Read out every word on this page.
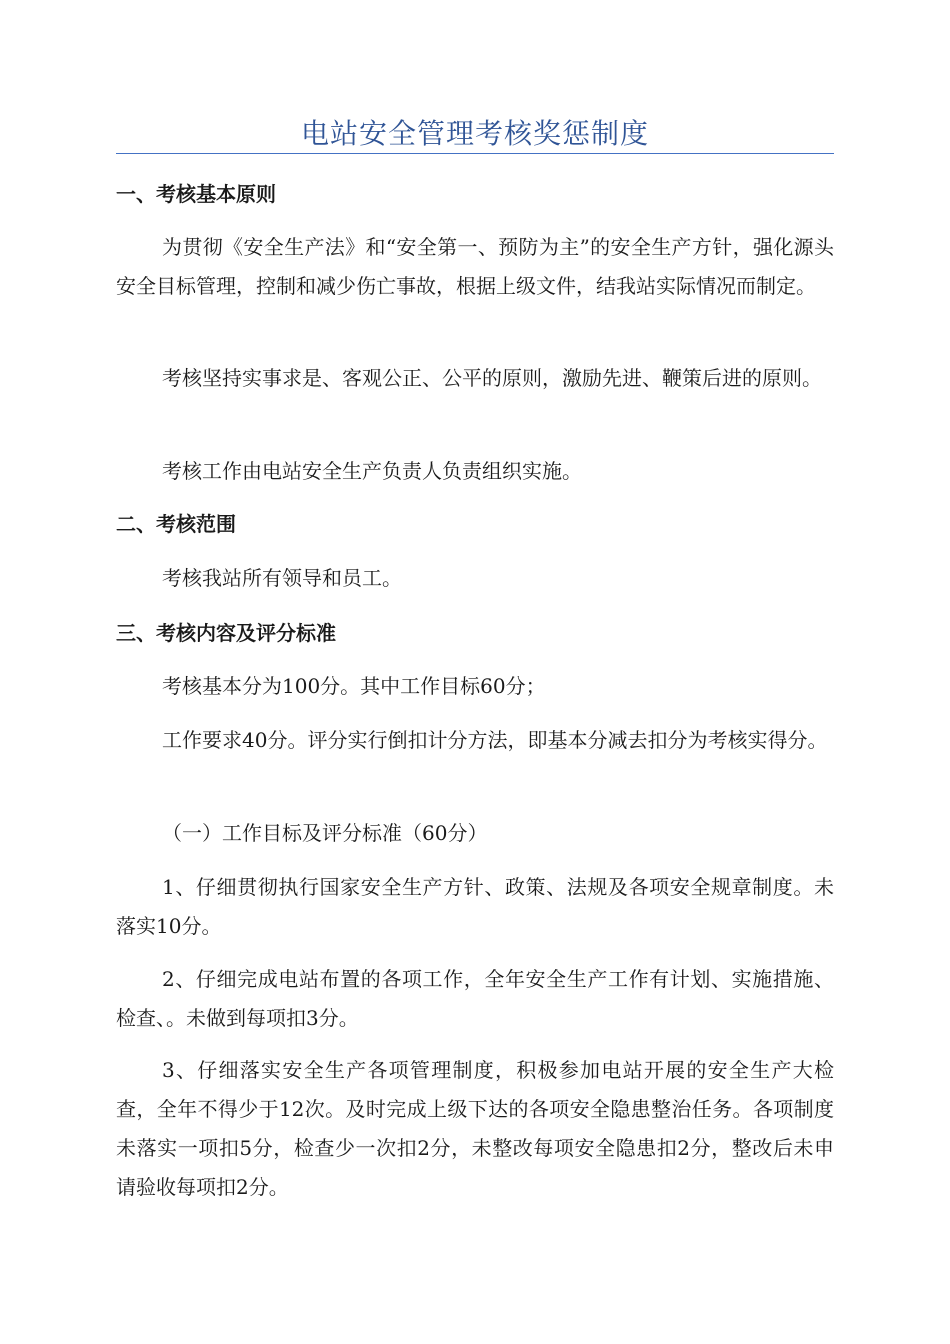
电站安全管理考核奖惩制度
一、考核基本原则
为贯彻《安全生产法》和“安全第一、预防为主”的安全生产方针，强化源头安全目标管理，控制和减少伤亡事故，根据上级文件，结我站实际情况而制定。
考核坚持实事求是、客观公正、公平的原则，激励先进、鞭策后进的原则。
考核工作由电站安全生产负责人负责组织实施。
二、考核范围
考核我站所有领导和员工。
三、考核内容及评分标准
考核基本分为100分。其中工作目标60分；
工作要求40分。评分实行倒扣计分方法，即基本分减去扣分为考核实得分。
（一）工作目标及评分标准（60分）
1、仔细贯彻执行国家安全生产方针、政策、法规及各项安全规章制度。未落实10分。
2、仔细完成电站布置的各项工作，全年安全生产工作有计划、实施措施、检查、。未做到每项扣3分。
3、仔细落实安全生产各项管理制度，积极参加电站开展的安全生产大检查，全年不得少于12次。及时完成上级下达的各项安全隐患整治任务。各项制度未落实一项扣5分，检查少一次扣2分，未整改每项安全隐患扣2分，整改后未申请验收每项扣2分。
